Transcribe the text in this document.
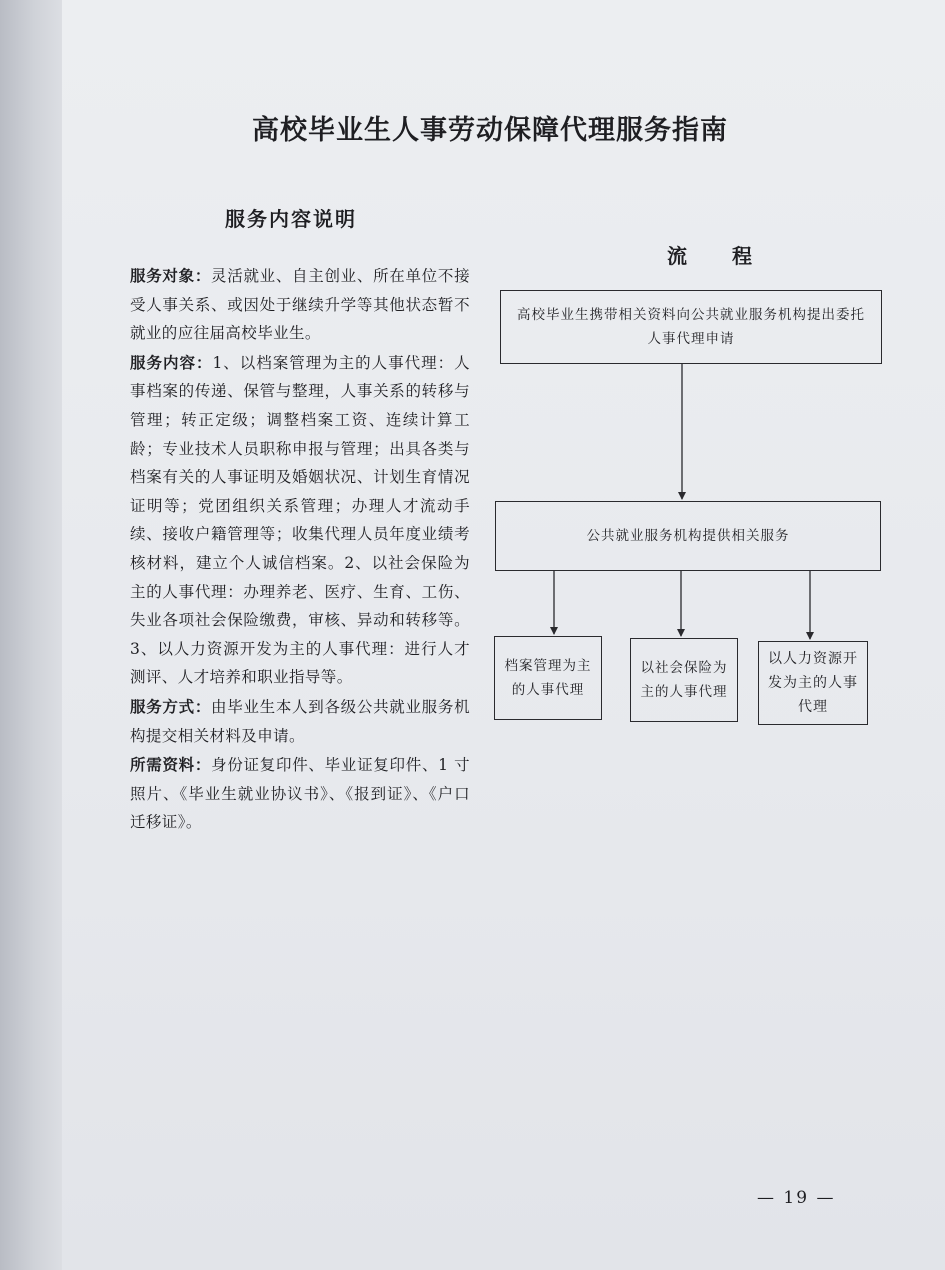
高校毕业生人事劳动保障代理服务指南
服务内容说明

服务对象：灵活就业、自主创业、所在单位不接受人事关系、或因处于继续升学等其他状态暂不就业的应往届高校毕业生。

服务内容：1、以档案管理为主的人事代理：人事档案的传递、保管与整理，人事关系的转移与管理；转正定级；调整档案工资、连续计算工龄；专业技术人员职称申报与管理；出具各类与档案有关的人事证明及婚姻状况、计划生育情况证明等；党团组织关系管理；办理人才流动手续、接收户籍管理等；收集代理人员年度业绩考核材料，建立个人诚信档案。2、以社会保险为主的人事代理：办理养老、医疗、生育、工伤、失业各项社会保险缴费，审核、异动和转移等。3、以人力资源开发为主的人事代理：进行人才测评、人才培养和职业指导等。

服务方式：由毕业生本人到各级公共就业服务机构提交相关材料及申请。

所需资料：身份证复印件、毕业证复印件、1 寸照片、《毕业生就业协议书》、《报到证》、《户口迁移证》。

流程
高校毕业生携带相关资料向公共就业服务机构提出委托人事代理申请
公共就业服务机构提供相关服务
档案管理为主的人事代理
以社会保险为主的人事代理
以人力资源开发为主的人事代理
— 19 —
